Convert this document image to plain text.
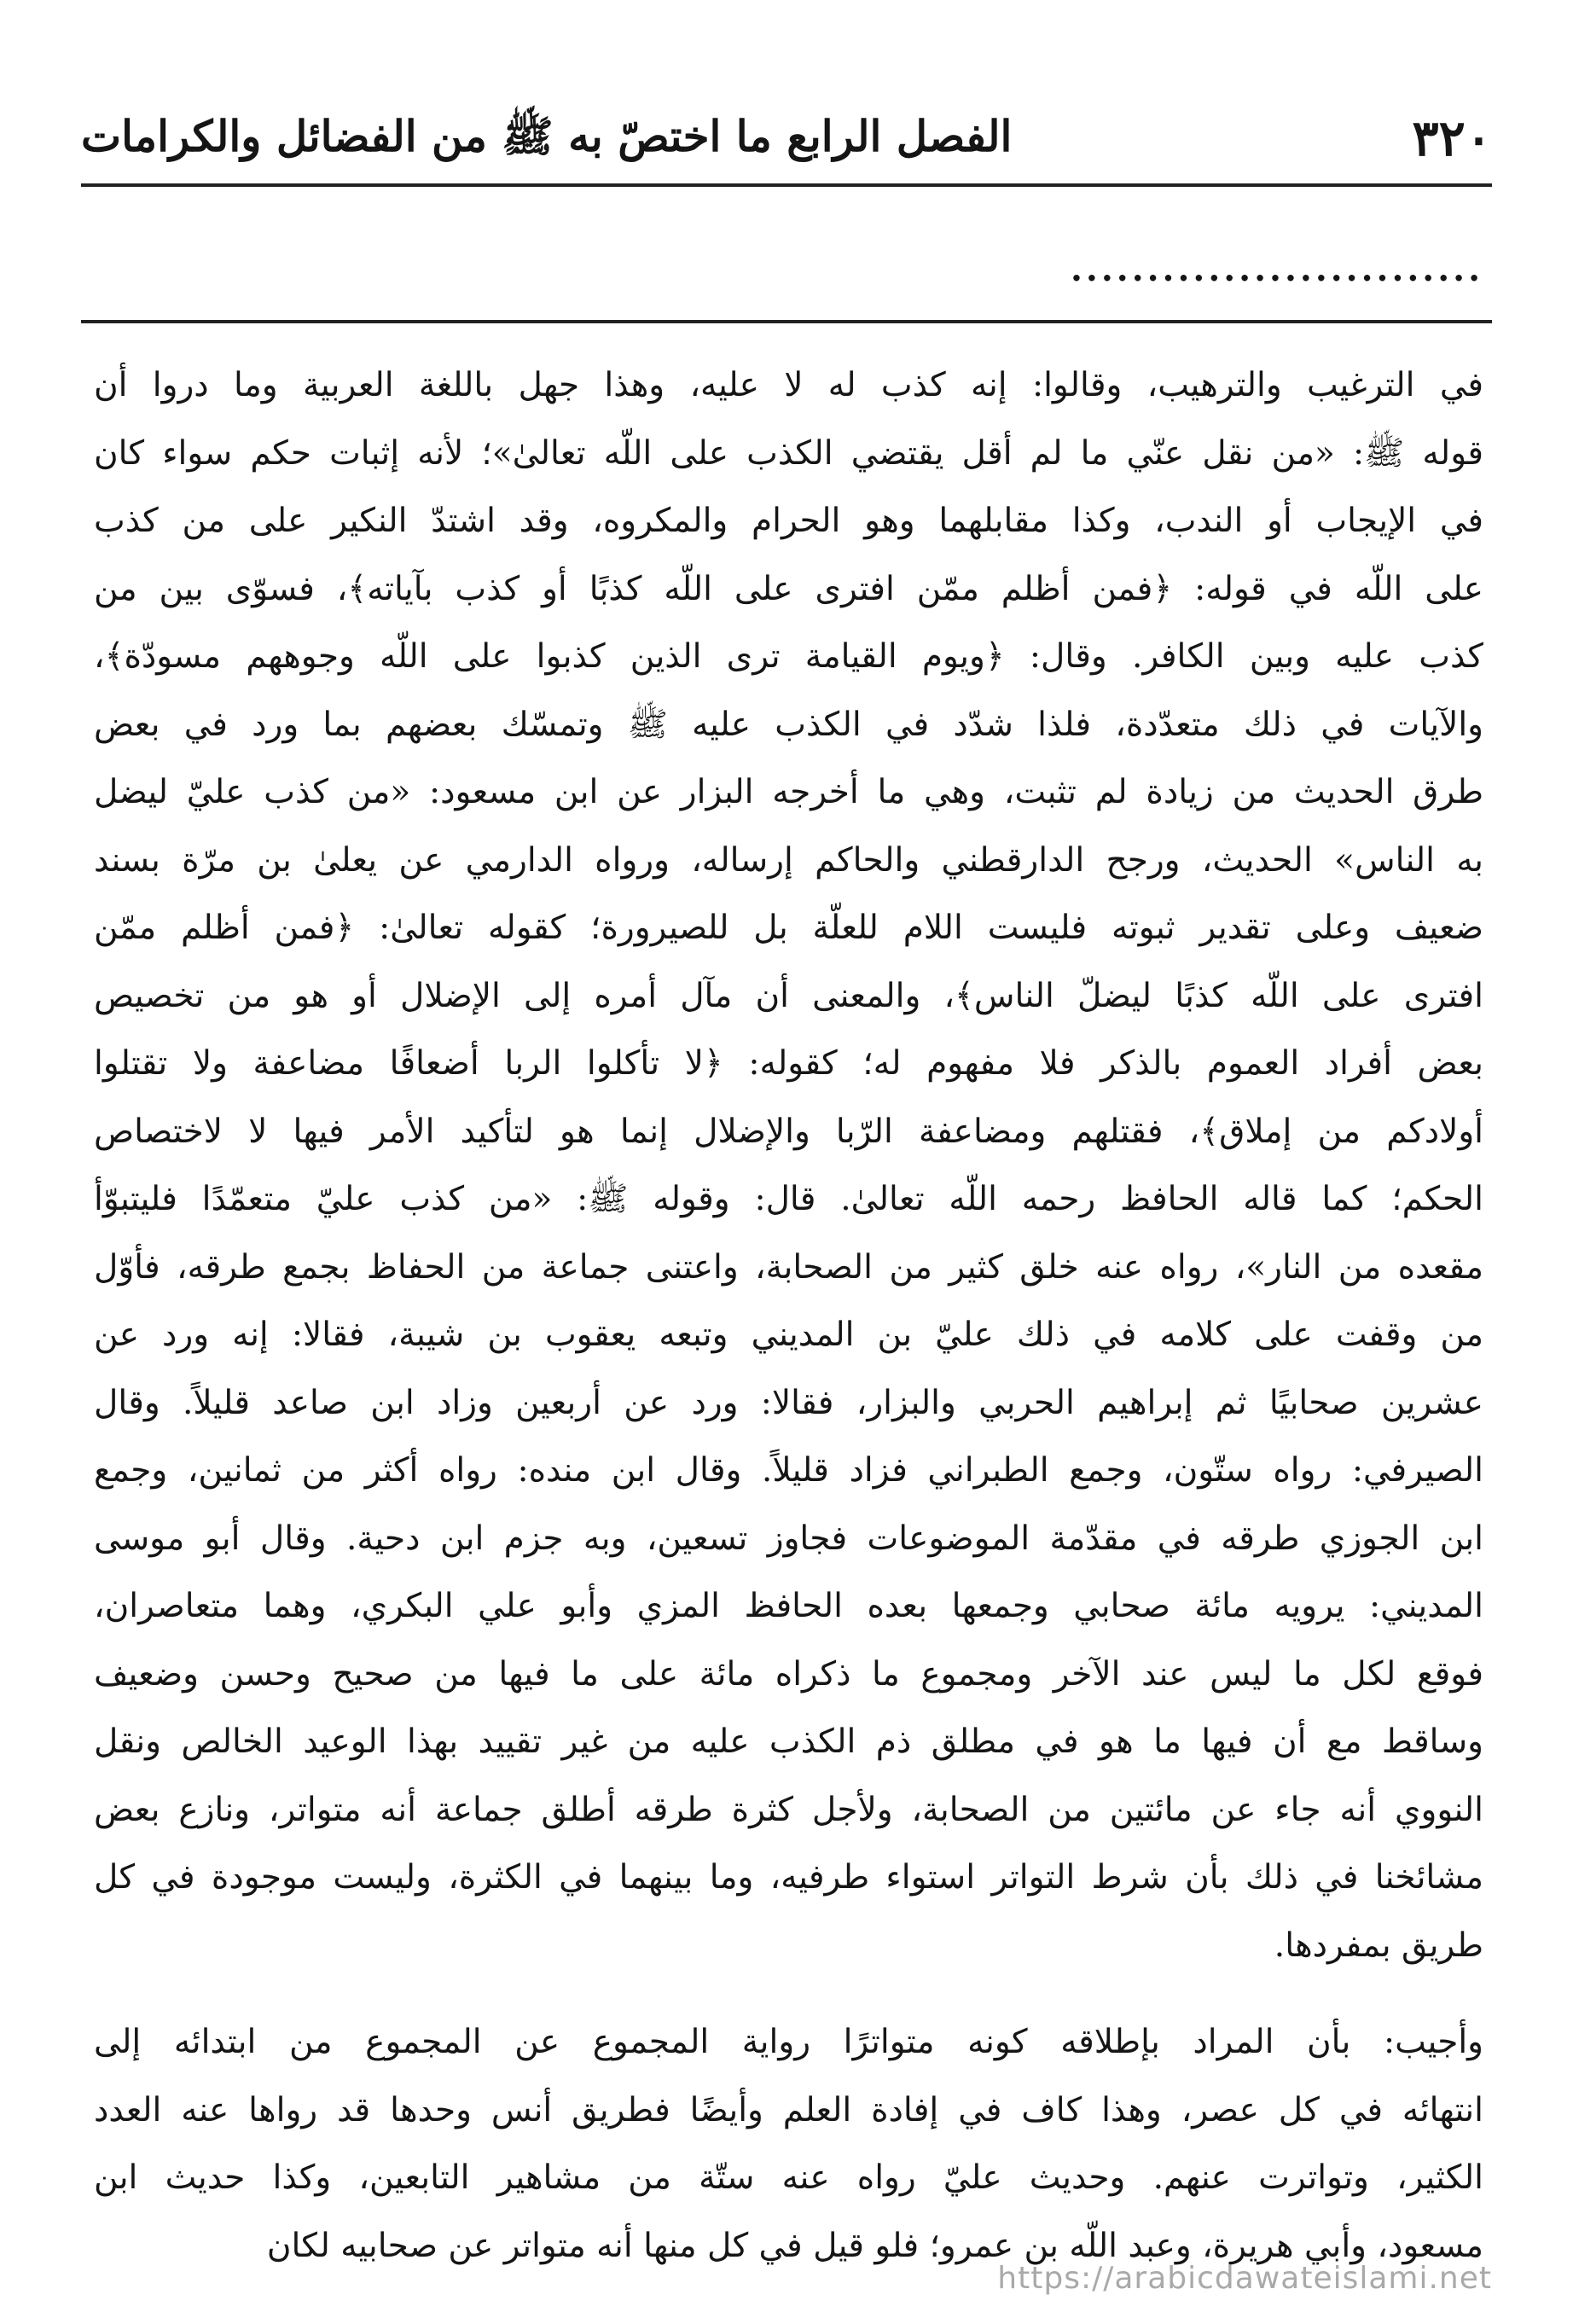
٣٢٠
الفصل الرابع ما اختصّ به ﷺ من الفضائل والكرامات
...........................
في الترغيب والترهيب، وقالوا: إنه كذب له لا عليه، وهذا جهل باللغة العربية وما دروا أن
قوله ﷺ: «من نقل عنّي ما لم أقل يقتضي الكذب على اللّه تعالىٰ»؛ لأنه إثبات حكم سواء كان
في الإيجاب أو الندب، وكذا مقابلهما وهو الحرام والمكروه، وقد اشتدّ النكير على من كذب
على اللّه في قوله: ﴿فمن أظلم ممّن افترى على اللّه كذبًا أو كذب بآياته﴾، فسوّى بين من
كذب عليه وبين الكافر. وقال: ﴿ويوم القيامة ترى الذين كذبوا على اللّه وجوههم مسودّة﴾،
والآيات في ذلك متعدّدة، فلذا شدّد في الكذب عليه ﷺ وتمسّك بعضهم بما ورد في بعض
طرق الحديث من زيادة لم تثبت، وهي ما أخرجه البزار عن ابن مسعود: «من كذب عليّ ليضل
به الناس» الحديث، ورجح الدارقطني والحاكم إرساله، ورواه الدارمي عن يعلىٰ بن مرّة بسند
ضعيف وعلى تقدير ثبوته فليست اللام للعلّة بل للصيرورة؛ كقوله تعالىٰ: ﴿فمن أظلم ممّن
افترى على اللّه كذبًا ليضلّ الناس﴾، والمعنى أن مآل أمره إلى الإضلال أو هو من تخصيص
بعض أفراد العموم بالذكر فلا مفهوم له؛ كقوله: ﴿لا تأكلوا الربا أضعافًا مضاعفة ولا تقتلوا
أولادكم من إملاق﴾، فقتلهم ومضاعفة الرّبا والإضلال إنما هو لتأكيد الأمر فيها لا لاختصاص
الحكم؛ كما قاله الحافظ رحمه اللّه تعالىٰ. قال: وقوله ﷺ: «من كذب عليّ متعمّدًا فليتبوّأ
مقعده من النار»، رواه عنه خلق كثير من الصحابة، واعتنى جماعة من الحفاظ بجمع طرقه، فأوّل
من وقفت على كلامه في ذلك عليّ بن المديني وتبعه يعقوب بن شيبة، فقالا: إنه ورد عن
عشرين صحابيًا ثم إبراهيم الحربي والبزار، فقالا: ورد عن أربعين وزاد ابن صاعد قليلاً. وقال
الصيرفي: رواه ستّون، وجمع الطبراني فزاد قليلاً. وقال ابن منده: رواه أكثر من ثمانين، وجمع
ابن الجوزي طرقه في مقدّمة الموضوعات فجاوز تسعين، وبه جزم ابن دحية. وقال أبو موسى
المديني: يرويه مائة صحابي وجمعها بعده الحافظ المزي وأبو علي البكري، وهما متعاصران،
فوقع لكل ما ليس عند الآخر ومجموع ما ذكراه مائة على ما فيها من صحيح وحسن وضعيف
وساقط مع أن فيها ما هو في مطلق ذم الكذب عليه من غير تقييد بهذا الوعيد الخالص ونقل
النووي أنه جاء عن مائتين من الصحابة، ولأجل كثرة طرقه أطلق جماعة أنه متواتر، ونازع بعض
مشائخنا في ذلك بأن شرط التواتر استواء طرفيه، وما بينهما في الكثرة، وليست موجودة في كل
طريق بمفردها.
وأجيب: بأن المراد بإطلاقه كونه متواترًا رواية المجموع عن المجموع من ابتدائه إلى
انتهائه في كل عصر، وهذا كاف في إفادة العلم وأيضًا فطريق أنس وحدها قد رواها عنه العدد
الكثير، وتواترت عنهم. وحديث عليّ رواه عنه ستّة من مشاهير التابعين، وكذا حديث ابن
مسعود، وأبي هريرة، وعبد اللّه بن عمرو؛ فلو قيل في كل منها أنه متواتر عن صحابيه لكان
https://arabicdawateislami.net
